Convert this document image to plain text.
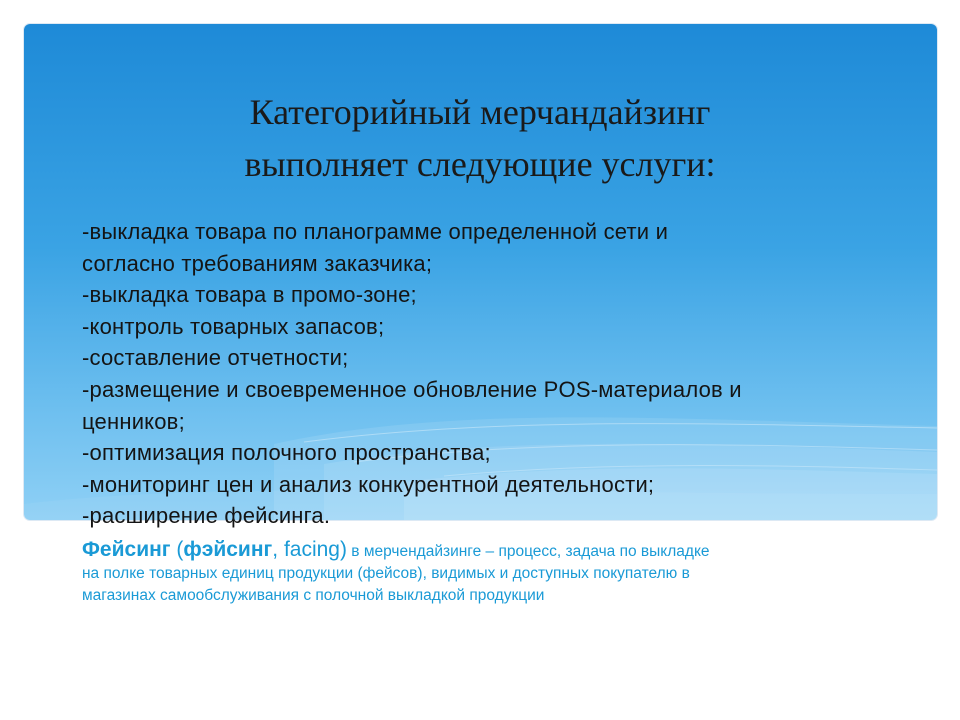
Категорийный мерчандайзинг
выполняет следующие услуги:
-выкладка товара по планограмме определенной сети и
согласно требованиям заказчика;
-выкладка товара в промо-зоне;
-контроль товарных запасов;
-составление отчетности;
-размещение и своевременное обновление POS-материалов и
ценников;
-оптимизация полочного пространства;
-мониторинг цен и анализ конкурентной деятельности;
-расширение фейсинга.
Фейсинг (фэйсинг, facing) в мерчендайзинге – процесс, задача по выкладке
на полке товарных единиц продукции (фейсов), видимых и доступных покупателю в
магазинах самообслуживания с полочной выкладкой продукции
